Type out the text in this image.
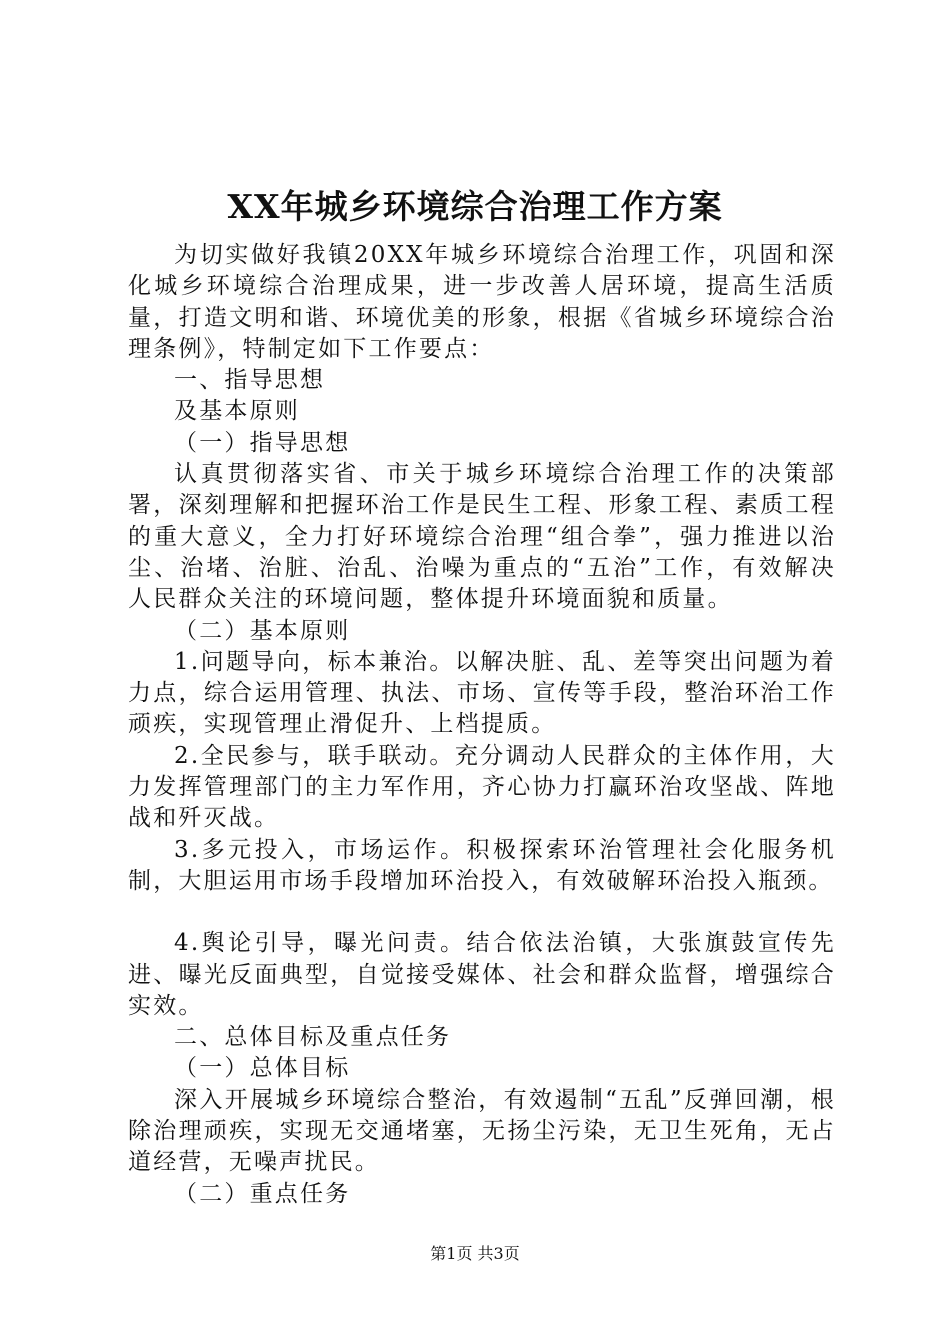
XX年城乡环境综合治理工作方案

为切实做好我镇20XX年城乡环境综合治理工作，巩固和深化城乡环境综合治理成果，进一步改善人居环境，提高生活质量，打造文明和谐、环境优美的形象，根据《省城乡环境综合治理条例》，特制定如下工作要点：

一、指导思想

及基本原则

（一）指导思想

认真贯彻落实省、市关于城乡环境综合治理工作的决策部署，深刻理解和把握环治工作是民生工程、形象工程、素质工程的重大意义，全力打好环境综合治理“组合拳”，强力推进以治尘、治堵、治脏、治乱、治噪为重点的“五治”工作，有效解决人民群众关注的环境问题，整体提升环境面貌和质量。

（二）基本原则

1.问题导向，标本兼治。以解决脏、乱、差等突出问题为着力点，综合运用管理、执法、市场、宣传等手段，整治环治工作顽疾，实现管理止滑促升、上档提质。

2.全民参与，联手联动。充分调动人民群众的主体作用，大力发挥管理部门的主力军作用，齐心协力打赢环治攻坚战、阵地战和歼灭战。

3.多元投入，市场运作。积极探索环治管理社会化服务机制，大胆运用市场手段增加环治投入，有效破解环治投入瓶颈。

4.舆论引导，曝光问责。结合依法治镇，大张旗鼓宣传先进、曝光反面典型，自觉接受媒体、社会和群众监督，增强综合实效。

二、总体目标及重点任务

（一）总体目标

深入开展城乡环境综合整治，有效遏制“五乱”反弹回潮，根除治理顽疾，实现无交通堵塞，无扬尘污染，无卫生死角，无占道经营，无噪声扰民。

（二）重点任务

第1页 共3页
